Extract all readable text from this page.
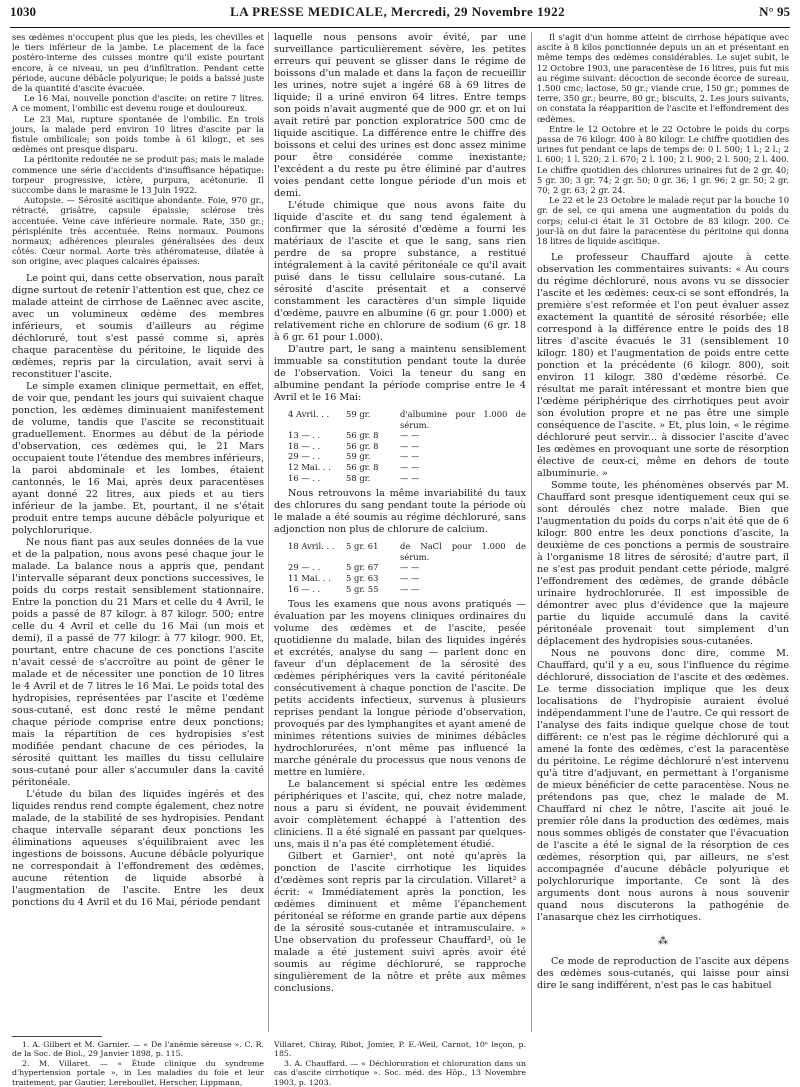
1030	LA PRESSE MEDICALE, Mercredi, 29 Novembre 1922	N° 95

ses œdèmes n'occupent plus que les pieds, les chevilles et le tiers inférieur de la jambe. Le placement de la face postéro-interne des cuisses montre qu'il existe pourtant encore, à ce niveau, un peu d'infiltration. Pendant cette période, aucune débâcle polyurique; le poids a baissé juste de la quantité d'ascite évacuée.

Le 16 Mai, nouvelle ponction d'ascite: on retire 7 litres. A ce moment, l'ombilic est devenu rouge et douloureux.

Le 23 Mai, rupture spontanée de l'ombilic. En trois jours, la malade perd environ 10 litres d'ascite par la fistule ombilicale; son poids tombe à 61 kilogr., et ses œdèmes ont presque disparu.

La péritonite redoutée ne se produit pas; mais le malade commence une série d'accidents d'insuffisance hépatique: torpeur progressive, ictère, purpura, acétonurie. Il succombe dans le marasme le 13 Juin 1922.

Autopsie. — Sérosité ascitique abondante. Foie, 970 gr., rétracté, grisâtre, capsule épaissie; sclérose très accentuée. Veine cave inférieure normale. Rate, 350 gr.; périsplénite très accentuée. Reins normaux. Poumons normaux; adhérences pleurales généralisées des deux côtés. Cœur normal. Aorte très athéromateuse, dilatée à son origine, avec plaques calcaires épaisses.

Le point qui, dans cette observation, nous paraît digne surtout de retenir l'attention est que, chez ce malade atteint de cirrhose de Laënnec avec ascite, avec un volumineux œdème des membres inférieurs, et soumis d'ailleurs au régime déchloruré, tout s'est passé comme si, après chaque paracentèse du péritoine, le liquide des œdèmes, repris par la circulation, avait servi à reconstituer l'ascite.

Le simple examen clinique permettait, en effet, de voir que, pendant les jours qui suivaient chaque ponction, les œdèmes diminuaient manifestement de volume, tandis que l'ascite se reconstituait graduellement. Enormes au début de la période d'observation, ces œdèmes qui, le 21 Mars occupaient toute l'étendue des membres inférieurs, la paroi abdominale et les lombes, étaient cantonnés, le 16 Mai, après deux paracentèses ayant donné 22 litres, aux pieds et au tiers inférieur de la jambe. Et, pourtant, il ne s'était produit entre temps aucune débâcle polyurique et polychlorurique.

Ne nous fiant pas aux seules données de la vue et de la palpation, nous avons pesé chaque jour le malade. La balance nous a appris que, pendant l'intervalle séparant deux ponctions successives, le poids du corps restait sensiblement stationnaire. Entre la ponction du 21 Mars et celle du 4 Avril, le poids a passé de 87 kilogr. à 87 kilogr. 500; entre celle du 4 Avril et celle du 16 Mai (un mois et demi), il a passé de 77 kilogr. à 77 kilogr. 900. Et, pourtant, entre chacune de ces ponctions l'ascite n'avait cessé de s'accroître au point de gêner le malade et de nécessiter une ponction de 10 litres le 4 Avril et de 7 litres le 16 Mai. Le poids total des hydropisies, représentées par l'ascite et l'œdème sous-cutané, est donc resté le même pendant chaque période comprise entre deux ponctions; mais la répartition de ces hydropisies s'est modifiée pendant chacune de ces périodes, la sérosité quittant les mailles du tissu cellulaire sous-cutané pour aller s'accumuler dans la cavité péritonéale.

L'étude du bilan des liquides ingérés et des liquides rendus rend compte également, chez notre malade, de la stabilité de ses hydropisies. Pendant chaque intervalle séparant deux ponctions les éliminations aqueuses s'équilibraient avec les ingestions de boissons. Aucune débâcle polyurique ne correspondait à l'effondrement des œdèmes, aucune rétention de liquide absorbé à l'augmentation de l'ascite. Entre les deux ponctions du 4 Avril et du 16 Mai, période pendant

1. A. Gilbert et M. Garnier. — « De l'anémie séreuse ». C. R. de la Soc. de Biol., 29 Janvier 1898, p. 115.

2. M. Villaret. — « Étude clinique du syndrome d'hypertension portale », in Les maladies du foie et leur traitement, par Gautier, Lereboullet, Herscher, Lippmann,

laquelle nous pensons avoir évité, par une surveillance particulièrement sévère, les petites erreurs qui peuvent se glisser dans le régime de boissons d'un malade et dans la façon de recueillir les urines, notre sujet a ingéré 68 à 69 litres de liquide; il a uriné environ 64 litres. Entre temps son poids n'avait augmenté que de 900 gr. et on lui avait retiré par ponction exploratrice 500 cmc de liquide ascitique. La différence entre le chiffre des boissons et celui des urines est donc assez minime pour être considérée comme inexistante; l'excédent a du reste pu être éliminé par d'autres voies pendant cette longue période d'un mois et demi.

L'étude chimique que nous avons faite du liquide d'ascite et du sang tend également à confirmer que la sérosité d'œdème a fourni les matériaux de l'ascite et que le sang, sans rien perdre de sa propre substance, a restitué intégralement à la cavité péritonéale ce qu'il avait puisé dans le tissu cellulaire sous-cutané. La sérosité d'ascite présentait et a conservé constamment les caractères d'un simple liquide d'œdème, pauvre en albumine (6 gr. pour 1.000) et relativement riche en chlorure de sodium (6 gr. 18 à 6 gr. 61 pour 1.000).

D'autre part, le sang a maintenu sensiblement immuable sa constitution pendant toute la durée de l'observation. Voici la teneur du sang en albumine pendant la période comprise entre le 4 Avril et le 16 Mai:

4 Avril. . .	59 gr.	d'albumine pour 1.000 de sérum.
13 — . .	56 gr. 8	— —
18 — . .	56 gr. 8	— —
29 — . .	59 gr.	— —
12 Mai. . .	56 gr. 8	— —
16 — . .	58 gr.	— —

Nous retrouvons la même invariabilité du taux des chlorures du sang pendant toute la période où le malade a été soumis au régime déchloruré, sans adjonction non plus de chlorure de calcium.

18 Avril. . .	5 gr. 61	de NaCl pour 1.000 de sérum.
29 — . .	5 gr. 67	— —
11 Mai. . .	5 gr. 63	— —
16 — . .	5 gr. 55	— —

Tous les examens que nous avons pratiqués — évaluation par les moyens cliniques ordinaires du volume des œdèmes et de l'ascite, pesée quotidienne du malade, bilan des liquides ingérés et excrétés, analyse du sang — parlent donc en faveur d'un déplacement de la sérosité des œdèmes périphériques vers la cavité péritonéale consécutivement à chaque ponction de l'ascite. De petits accidents infectieux, survenus à plusieurs reprises pendant la longue période d'observation, provoqués par des lymphangites et ayant amené de minimes rétentions suivies de minimes débâcles hydrochlorurées, n'ont même pas influencé la marche générale du processus que nous venons de mettre en lumière.

Le balancement si spécial entre les œdèmes périphériques et l'ascite, qui, chez notre malade, nous a paru si évident, ne pouvait évidemment avoir complètement échappé à l'attention des cliniciens. Il a été signalé en passant par quelques-uns, mais il n'a pas été complètement étudié.

Gilbert et Garnier¹, ont noté qu'après la ponction de l'ascite cirrhotique les liquides d'œdèmes sont repris par la circulation. Villaret² a écrit: « Immédiatement après la ponction, les œdèmes diminuent et même l'épanchement péritonéal se réforme en grande partie aux dépens de la sérosité sous-cutanée et intramusculaire. » Une observation du professeur Chauffard³, où le malade a été justement suivi après avoir été soumis au régime déchloruré, se rapproche singulièrement de la nôtre et prête aux mêmes conclusions.

Villaret, Chiray, Ribot, Jomier, P. E.-Weil, Carnot, 10ᵉ leçon, p. 185.

3. A. Chauffard. — « Déchloruration et chloruration dans un cas d'ascite cirrhotique ». Soc. méd. des Hôp., 13 Novembre 1903, p. 1203.

Il s'agit d'un homme atteint de cirrhose hépatique avec ascite à 8 kilos ponctionnée depuis un an et présentant en même temps des œdèmes considérables. Le sujet subit, le 12 Octobre 1903, une paracentèse de 16 litres, puis fut mis au régime suivant: décoction de seconde écorce de sureau, 1.500 cmc; lactose, 50 gr.; viande crue, 150 gr.; pommes de terre, 350 gr.; beurre, 80 gr.; biscuits, 2. Les jours suivants, on constata la réapparition de l'ascite et l'effondrement des œdèmes.

Entre le 12 Octobre et le 22 Octobre le poids du corps passa de 76 kilogr. 400 à 80 kilogr. Le chiffre quotidien des urines fut pendant ce laps de temps de: 0 l. 500; 1 l.; 2 l.; 2 l. 600; 1 l. 520; 2 l. 670; 2 l. 100; 2 l. 900; 2 l. 500; 2 l. 400. Le chiffre quotidien des chlorures urinaires fut de 2 gr. 40; 5 gr. 30; 3 gr. 74; 2 gr. 50; 0 gr. 36; 1 gr. 96; 2 gr. 50; 2 gr. 70; 2 gr. 63; 2 gr. 24.

Le 22 et le 23 Octobre le malade reçut par la bouche 10 gr. de sel, ce qui amena une augmentation du poids du corps; celui-ci était le 31 Octobre de 83 kilogr. 200. Ce jour-là on dut faire la paracentèse du péritoine qui donna 18 litres de liquide ascitique.

Le professeur Chauffard ajoute à cette observation les commentaires suivants: « Au cours du régime déchloruré, nous avons vu se dissocier l'ascite et les œdèmes: ceux-ci se sont effondrés, la première s'est reformée et l'on peut évaluer assez exactement la quantité de sérosité résorbée; elle correspond à la différence entre le poids des 18 litres d'ascite évacués le 31 (sensiblement 10 kilogr. 180) et l'augmentation de poids entre cette ponction et la précédente (6 kilogr. 800), soit environ 11 kilogr. 380 d'œdème résorbé. Ce résultat me paraît intéressant et montre bien que l'œdème périphérique des cirrhotiques peut avoir son évolution propre et ne pas être une simple conséquence de l'ascite. » Et, plus loin, « le régime déchloruré peut servir... à dissocier l'ascite d'avec les œdèmes en provoquant une sorte de résorption élective de ceux-ci, même en dehors de toute albuminurie. »

Somme toute, les phénomènes observés par M. Chauffard sont presque identiquement ceux qui se sont déroulés chez notre malade. Bien que l'augmentation du poids du corps n'ait été que de 6 kilogr. 800 entre les deux ponctions d'ascite, la deuxième de ces ponctions a permis de soustraire à l'organisme 18 litres de sérosité; d'autre part, il ne s'est pas produit pendant cette période, malgré l'effondrement des œdèmes, de grande débâcle urinaire hydrochlorurée. Il est impossible de démontrer avec plus d'évidence que la majeure partie du liquide accumulé dans la cavité péritonéale provenait tout simplement d'un déplacement des hydropisies sous-cutanées.

Nous ne pouvons donc dire, comme M. Chauffard, qu'il y a eu, sous l'influence du régime déchloruré, dissociation de l'ascite et des œdèmes. Le terme dissociation implique que les deux localisations de l'hydropisie auraient évolué indépendamment l'une de l'autre. Ce qui ressort de l'analyse des faits indique quelque chose de tout différent: ce n'est pas le régime déchloruré qui a amené la fonte des œdèmes, c'est la paracentèse du péritoine. Le régime déchloruré n'est intervenu qu'à titre d'adjuvant, en permettant à l'organisme de mieux bénéficier de cette paracentèse. Nous ne prétendons pas que, chez le malade de M. Chauffard ni chez le nôtre, l'ascite ait joué le premier rôle dans la production des œdèmes, mais nous sommes obligés de constater que l'évacuation de l'ascite a été le signal de la résorption de ces œdèmes, résorption qui, par ailleurs, ne s'est accompagnée d'aucune débâcle polyurique et polychlorurique importante. Ce sont là des arguments dont nous aurons à nous souvenir quand nous discuterons la pathogénie de l'anasarque chez les cirrhotiques.

⁂

Ce mode de reproduction de l'ascite aux dépens des œdèmes sous-cutanés, qui laisse pour ainsi dire le sang indifférent, n'est pas le cas habituel
